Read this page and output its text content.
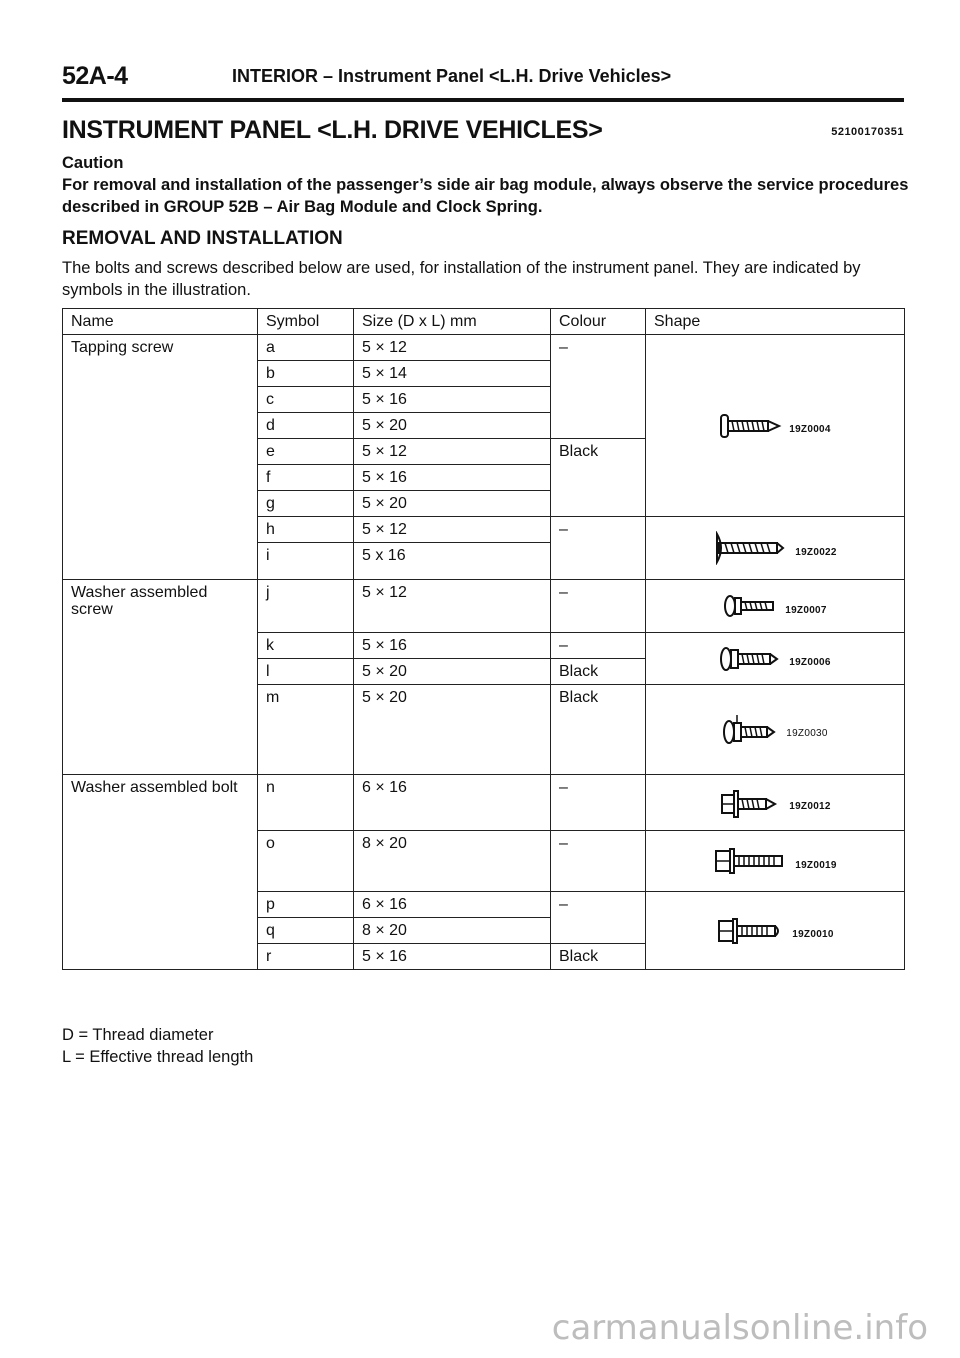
52A-4	INTERIOR – Instrument Panel <L.H. Drive Vehicles>
INSTRUMENT PANEL <L.H. DRIVE VEHICLES>	52100170351
Caution
For removal and installation of the passenger’s side air bag module, always observe the service procedures described in GROUP 52B – Air Bag Module and Clock Spring.
REMOVAL AND INSTALLATION
The bolts and screws described below are used, for installation of the instrument panel. They are indicated by symbols in the illustration.
Name	Symbol	Size (D x L) mm	Colour	Shape
Tapping screw	a	5 × 12	–	19Z0004

	b	5 × 14		
	c	5 × 16		
	d	5 × 20		
	e	5 × 12	Black	
	f	5 × 16		
	g	5 × 20		
	h	5 × 12	–	19Z0022

	i	5 x 16		
Washer assembled screw	j	5 × 12	–	19Z0007

	k	5 × 16	–	19Z0006

	l	5 × 20	Black	
	m	5 × 20	Black	19Z0030

Washer assembled bolt	n	6 × 16	–	19Z0012

	o	8 × 20	–	19Z0019

	p	6 × 16	–	19Z0010

	q	8 × 20		
	r	5 × 16	Black	
D = Thread diameter
L = Effective thread length
carmanualsonline.info
